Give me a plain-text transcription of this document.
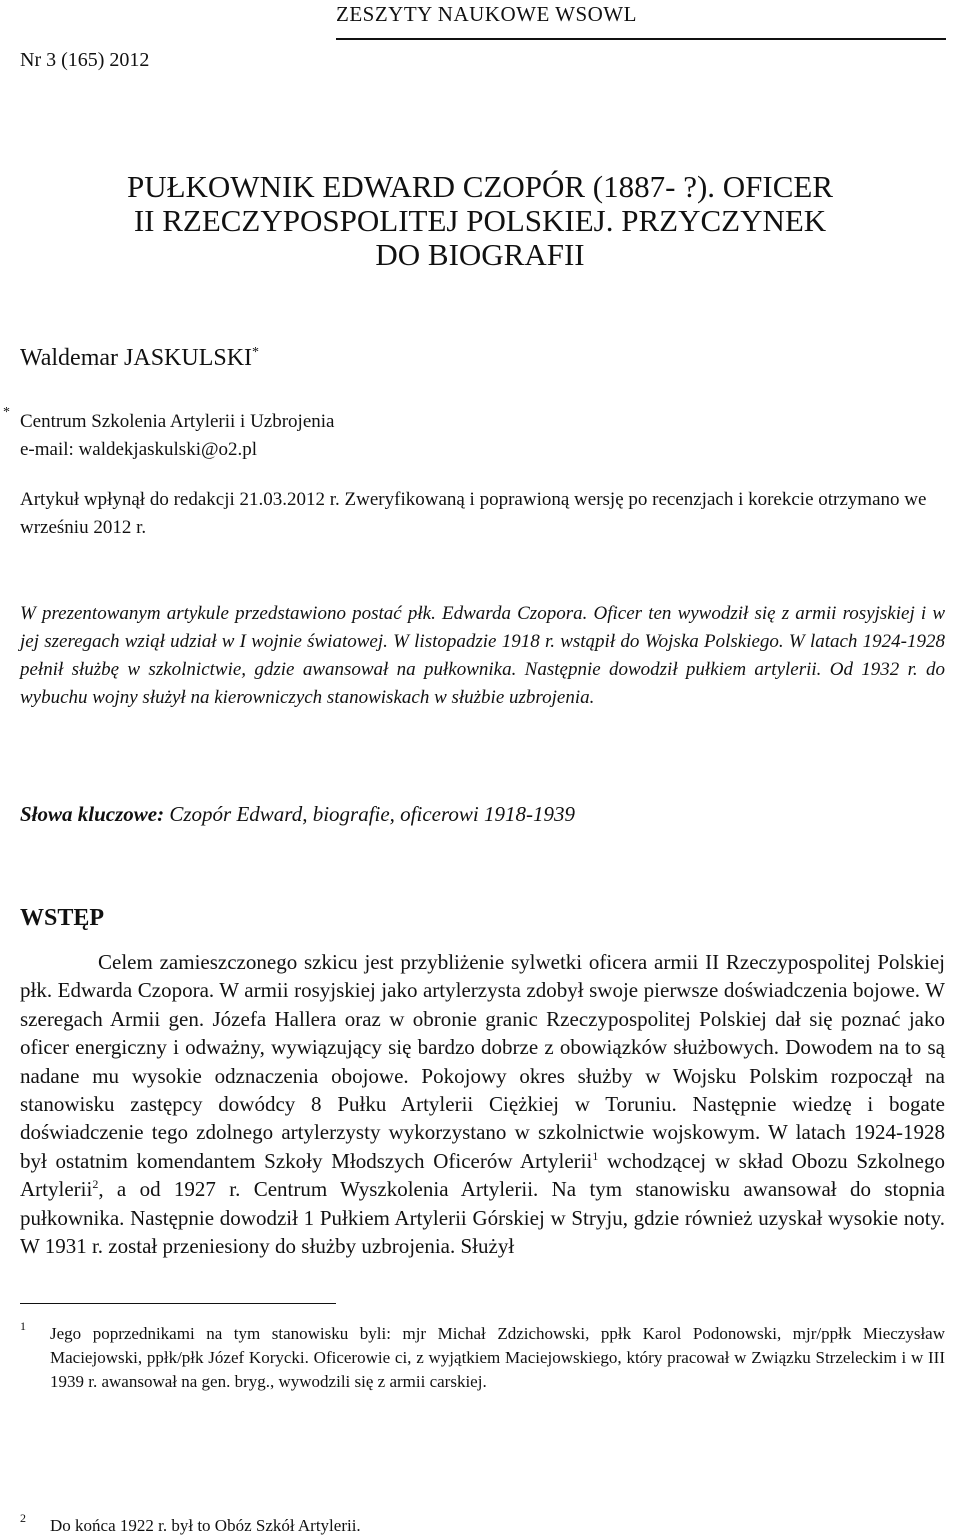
ZESZYTY NAUKOWE WSOWL
Nr 3 (165) 2012
PUŁKOWNIK EDWARD CZOPÓR (1887- ?). OFICER
II RZECZYPOSPOLITEJ POLSKIEJ. PRZYCZYNEK
DO BIOGRAFII
Waldemar JASKULSKI*
* Centrum Szkolenia Artylerii i Uzbrojenia
e-mail: waldekjaskulski@o2.pl
Artykuł wpłynął do redakcji 21.03.2012 r. Zweryfikowaną i poprawioną wersję po recenzjach i korekcie otrzymano we wrześniu 2012 r.
W prezentowanym artykule przedstawiono postać płk. Edwarda Czopora. Oficer ten wywodził się z armii rosyjskiej i w jej szeregach wziął udział w I wojnie światowej. W listopadzie 1918 r. wstąpił do Wojska Polskiego. W latach 1924-1928 pełnił służbę w szkolnictwie, gdzie awansował na pułkownika. Następnie dowodził pułkiem artylerii. Od 1932 r. do wybuchu wojny służył na kierowniczych stanowiskach w służbie uzbrojenia.
Słowa kluczowe: Czopór Edward, biografie, oficerowi 1918-1939
WSTĘP
Celem zamieszczonego szkicu jest przybliżenie sylwetki oficera armii II Rzeczypospolitej Polskiej płk. Edwarda Czopora. W armii rosyjskiej jako artylerzysta zdobył swoje pierwsze doświadczenia bojowe. W szeregach Armii gen. Józefa Hallera oraz w obronie granic Rzeczypospolitej Polskiej dał się poznać jako oficer energiczny i odważny, wywiązujący się bardzo dobrze z obowiązków służbowych. Dowodem na to są nadane mu wysokie odznaczenia obojowe. Pokojowy okres służby w Wojsku Polskim rozpoczął na stanowisku zastępcy dowódcy 8 Pułku Artylerii Ciężkiej w Toruniu. Następnie wiedzę i bogate doświadczenie tego zdolnego artylerzysty wykorzystano w szkolnictwie wojskowym. W latach 1924-1928 był ostatnim komendantem Szkoły Młodszych Oficerów Artylerii$^1$ wchodzącej w skład Obozu Szkolnego Artylerii$^2$, a od 1927 r. Centrum Wyszkolenia Artylerii. Na tym stanowisku awansował do stopnia pułkownika. Następnie dowodził 1 Pułkiem Artylerii Górskiej w Stryju, gdzie również uzyskał wysokie noty. W 1931 r. został przeniesiony do służby uzbrojenia. Służył
1 Jego poprzednikami na tym stanowisku byli: mjr Michał Zdzichowski, ppłk Karol Podonowski, mjr/ppłk Mieczysław Maciejowski, ppłk/płk Józef Korycki. Oficerowie ci, z wyjątkiem Maciejowskiego, który pracował w Związku Strzeleckim i w III 1939 r. awansował na gen. bryg., wywodzili się z armii carskiej.
2 Do końca 1922 r. był to Obóz Szkół Artylerii.
